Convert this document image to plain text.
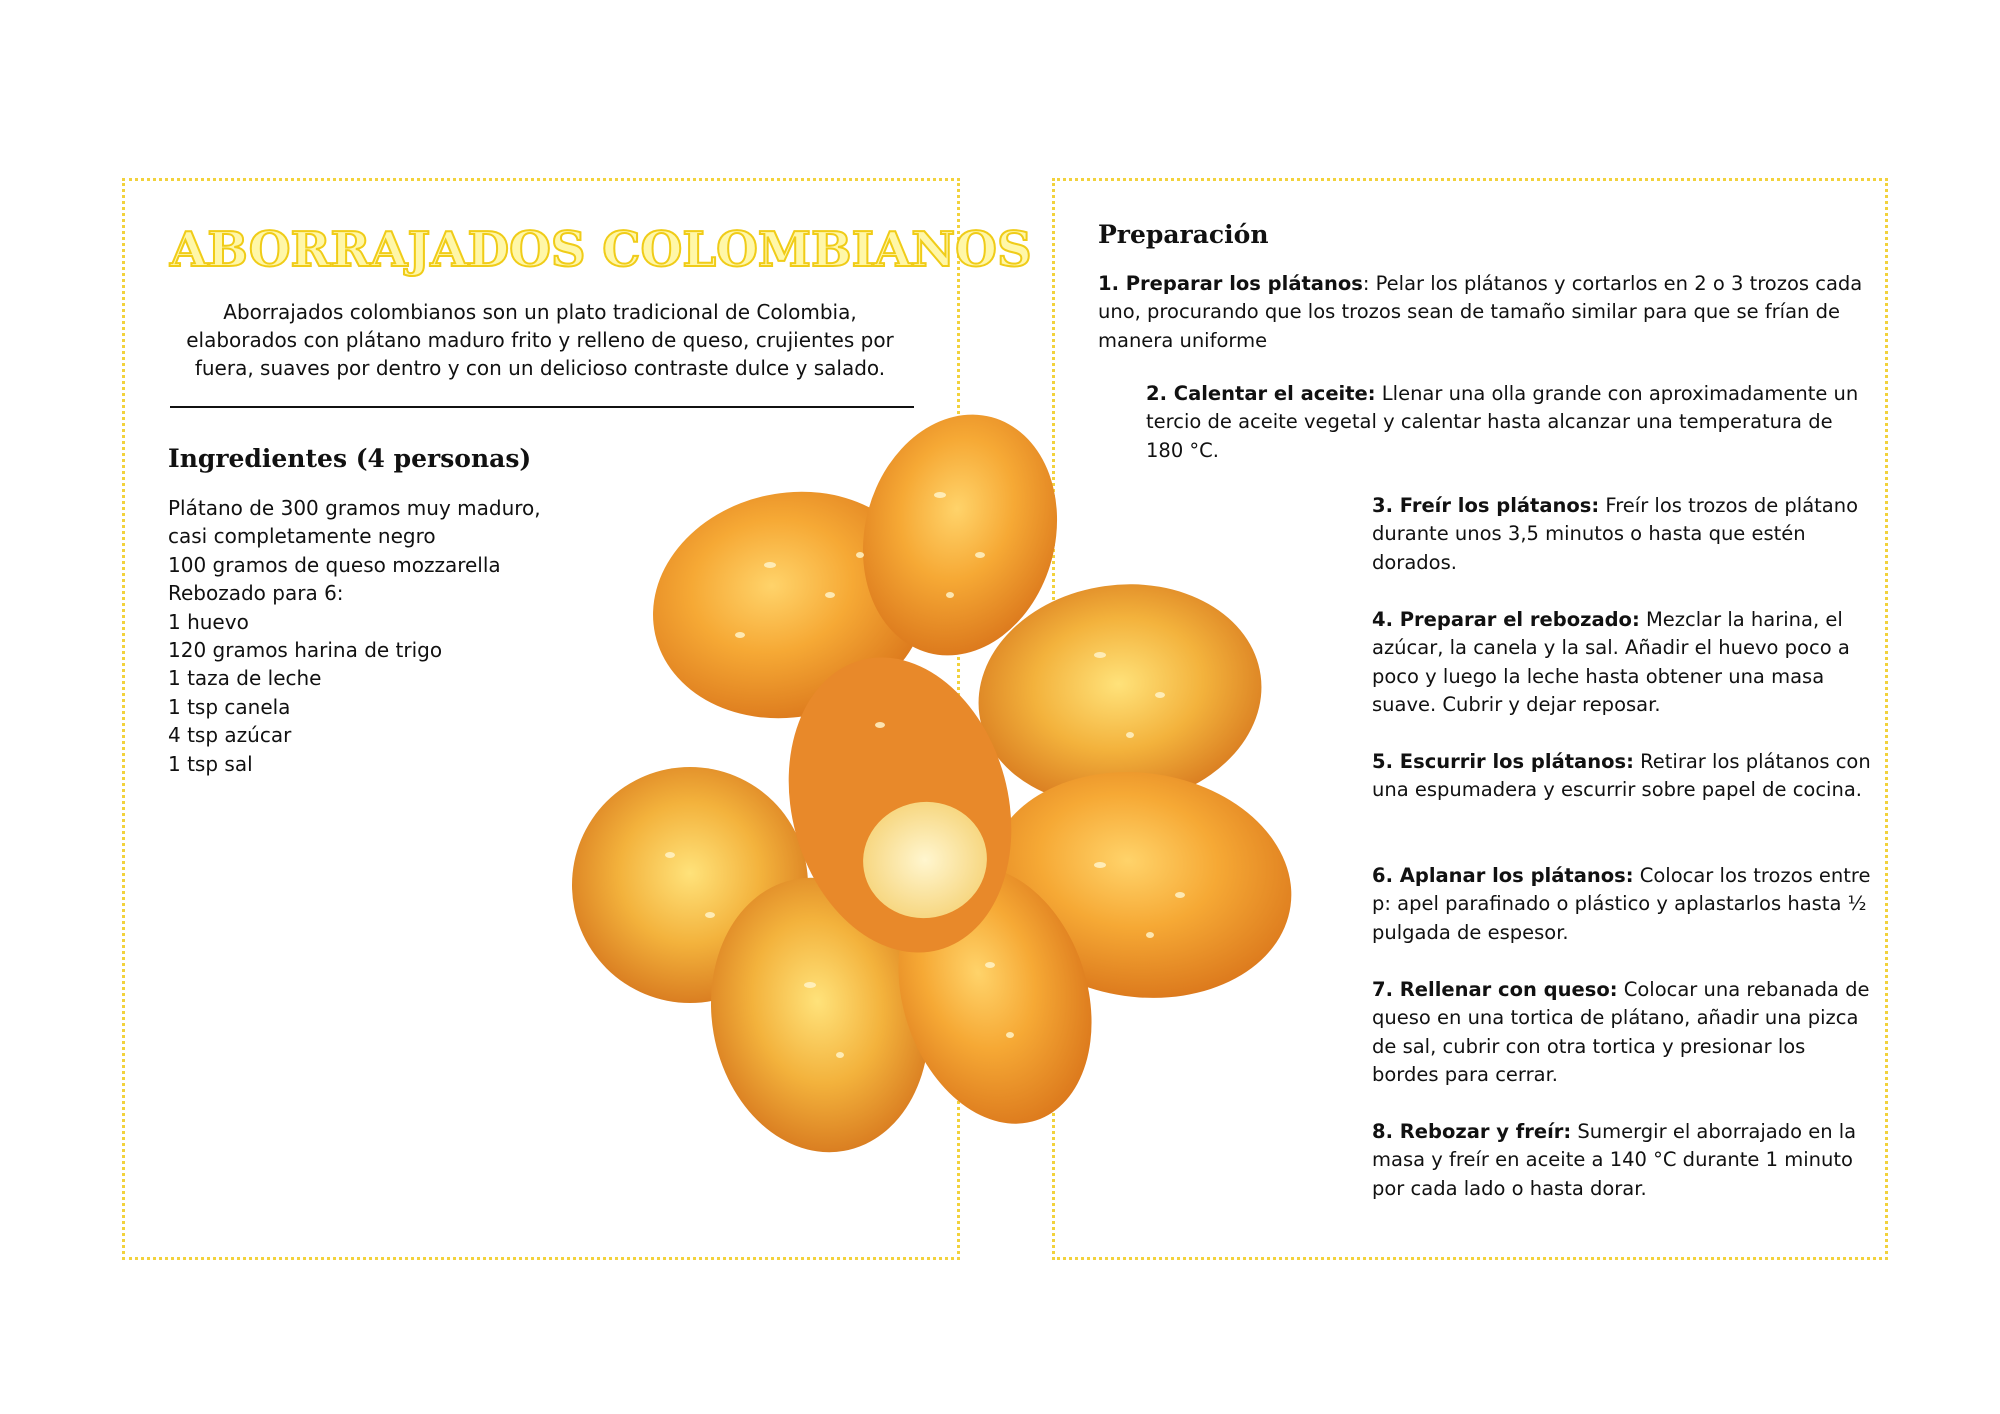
ABORRAJADOS COLOMBIANOS
Aborrajados colombianos son un plato tradicional de Colombia, elaborados con plátano maduro frito y relleno de queso, crujientes por fuera, suaves por dentro y con un delicioso contraste dulce y salado.
Ingredientes (4 personas)
Plátano de 300 gramos muy maduro,
casi completamente negro
100 gramos de queso mozzarella
Rebozado para 6:
1 huevo
120 gramos harina de trigo
1 taza de leche
1 tsp canela
4 tsp azúcar
1 tsp sal
Preparación
1. Preparar los plátanos: Pelar los plátanos y cortarlos en 2 o 3 trozos cada uno, procurando que los trozos sean de tamaño similar para que se frían de manera uniforme
2. Calentar el aceite: Llenar una olla grande con aproximadamente un tercio de aceite vegetal y calentar hasta alcanzar una temperatura de 180 °C.
3. Freír los plátanos: Freír los trozos de plátano durante unos 3,5 minutos o hasta que estén dorados.
4. Preparar el rebozado: Mezclar la harina, el azúcar, la canela y la sal. Añadir el huevo poco a poco y luego la leche hasta obtener una masa suave. Cubrir y dejar reposar.
5. Escurrir los plátanos: Retirar los plátanos con una espumadera y escurrir sobre papel de cocina.
6. Aplanar los plátanos: Colocar los trozos entre p: apel parafinado o plástico y aplastarlos hasta ½ pulgada de espesor.
7. Rellenar con queso: Colocar una rebanada de queso en una tortica de plátano, añadir una pizca de sal, cubrir con otra tortica y presionar los bordes para cerrar.
8. Rebozar y freír: Sumergir el aborrajado en la masa y freír en aceite a 140 °C durante 1 minuto por cada lado o hasta dorar.
